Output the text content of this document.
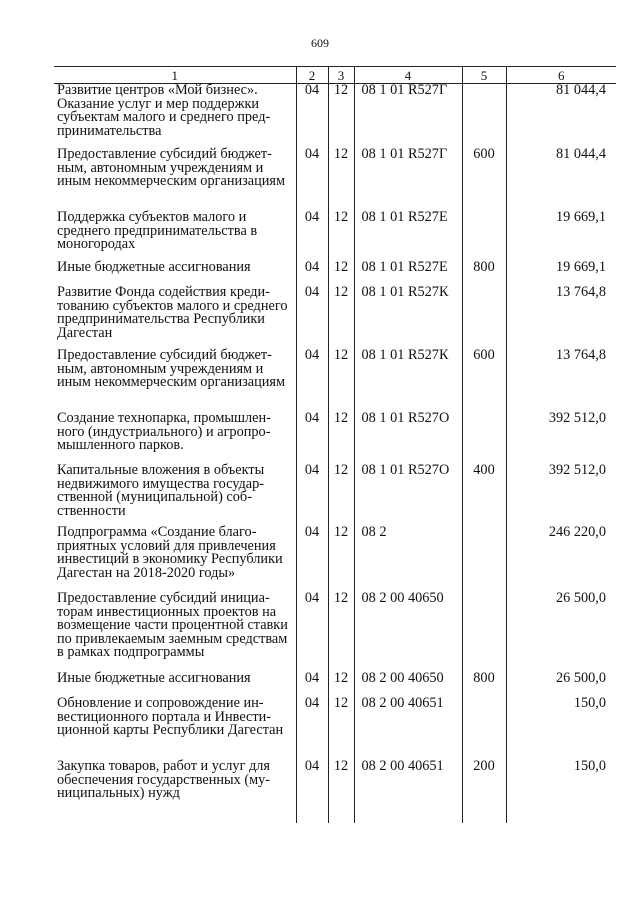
609
1	2	3	4	5	6
Развитие центров «Мой бизнес». Оказание услуг и мер поддержки субъектам малого и среднего предпринимательства	04	12	08 1 01 R527Г		81 044,4
Предоставление субсидий бюджетным, автономным учреждениям и иным некоммерческим организациям	04	12	08 1 01 R527Г	600	81 044,4
Поддержка субъектов малого и среднего предпринимательства в моногородах	04	12	08 1 01 R527Е		19 669,1
Иные бюджетные ассигнования	04	12	08 1 01 R527Е	800	19 669,1
Развитие Фонда содействия кредитованию субъектов малого и среднего предпринимательства Республики Дагестан	04	12	08 1 01 R527К		13 764,8
Предоставление субсидий бюджетным, автономным учреждениям и иным некоммерческим организациям	04	12	08 1 01 R527К	600	13 764,8
Создание технопарка, промышленного (индустриального) и агропромышленного парков.	04	12	08 1 01 R527О		392 512,0
Капитальные вложения в объекты недвижимого имущества государственной (муниципальной) собственности	04	12	08 1 01 R527О	400	392 512,0
Подпрограмма «Создание благоприятных условий для привлечения инвестиций в экономику Республики Дагестан на 2018-2020 годы»	04	12	08 2		246 220,0
Предоставление субсидий инициаторам инвестиционных проектов на возмещение части процентной ставки по привлекаемым заемным средствам в рамках подпрограммы	04	12	08 2 00 40650		26 500,0
Иные бюджетные ассигнования	04	12	08 2 00 40650	800	26 500,0
Обновление и сопровождение инвестиционного портала и Инвестиционной карты Республики Дагестан	04	12	08 2 00 40651		150,0
Закупка товаров, работ и услуг для обеспечения государственных (муниципальных) нужд	04	12	08 2 00 40651	200	150,0
